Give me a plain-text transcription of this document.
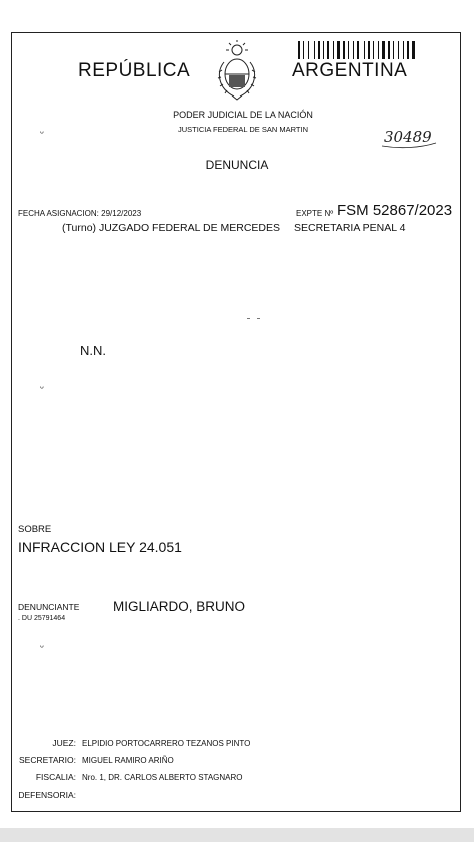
REPÚBLICA	ARGENTINA
PODER JUDICIAL DE LA NACIÓN
JUSTICIA FEDERAL DE SAN MARTIN	30489
ᵕ
DENUNCIA
FECHA ASIGNACION: 29/12/2023	EXPTE Nº FSM 52867/2023
(Turno) JUZGADO FEDERAL DE MERCEDES SECRETARIA PENAL 4
N.N.
ᵕ
SOBRE
INFRACCION LEY 24.051
DENUNCIANTE MIGLIARDO, BRUNO
. DU 25791464
ᵕ
JUEZ: ELPIDIO PORTOCARRERO TEZANOS PINTO
SECRETARIO: MIGUEL RAMIRO ARIÑO
FISCALIA: Nro. 1, DR. CARLOS ALBERTO STAGNARO
DEFENSORIA:
